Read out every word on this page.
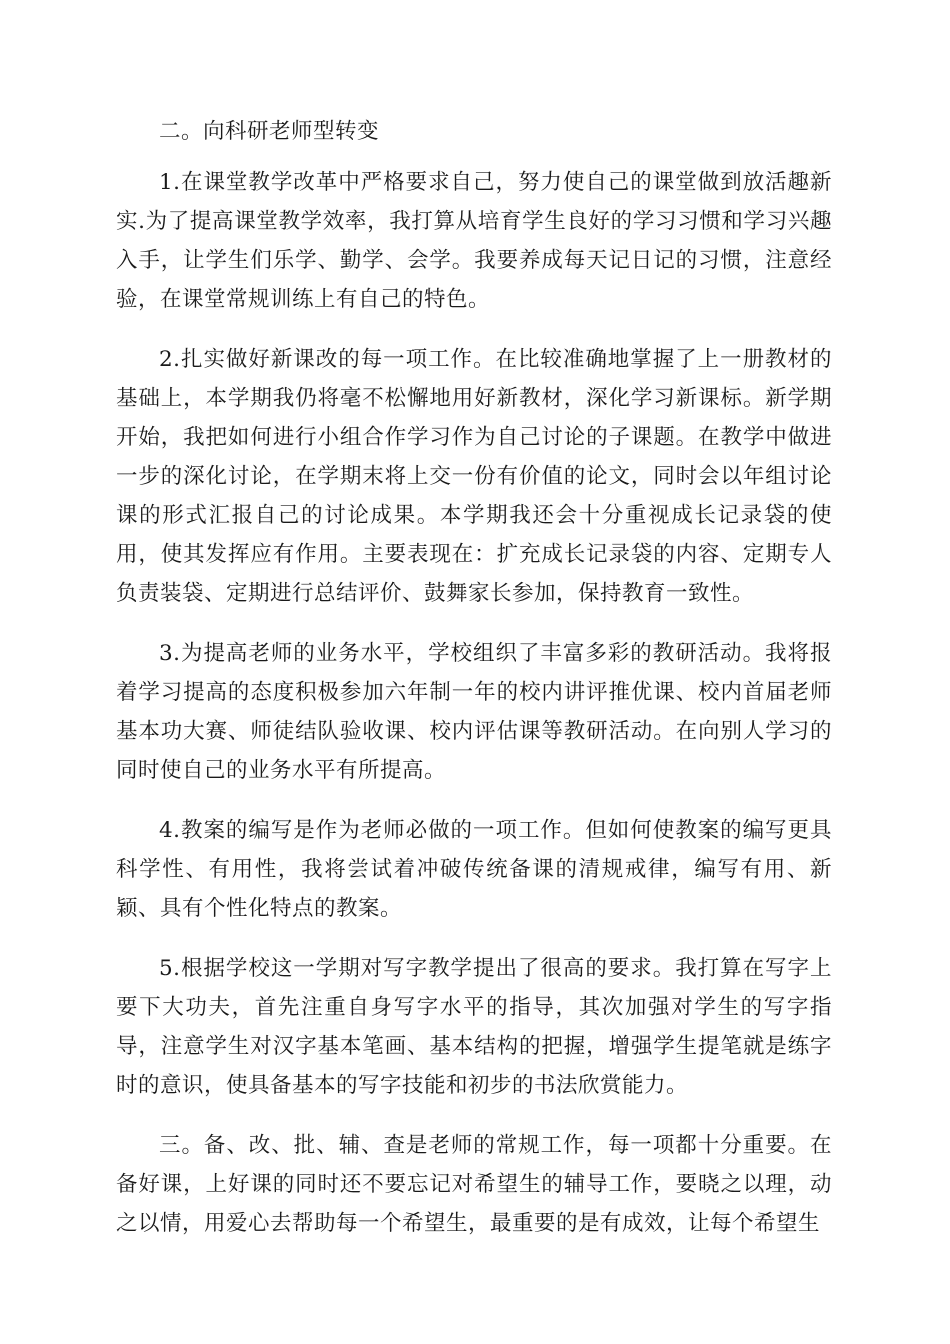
二。向科研老师型转变

1.在课堂教学改革中严格要求自己，努力使自己的课堂做到放活趣新实.为了提高课堂教学效率，我打算从培育学生良好的学习习惯和学习兴趣入手，让学生们乐学、勤学、会学。我要养成每天记日记的习惯，注意经验，在课堂常规训练上有自己的特色。

2.扎实做好新课改的每一项工作。在比较准确地掌握了上一册教材的基础上，本学期我仍将毫不松懈地用好新教材，深化学习新课标。新学期开始，我把如何进行小组合作学习作为自己讨论的子课题。在教学中做进一步的深化讨论，在学期末将上交一份有价值的论文，同时会以年组讨论课的形式汇报自己的讨论成果。本学期我还会十分重视成长记录袋的使用，使其发挥应有作用。主要表现在：扩充成长记录袋的内容、定期专人负责装袋、定期进行总结评价、鼓舞家长参加，保持教育一致性。

3.为提高老师的业务水平，学校组织了丰富多彩的教研活动。我将报着学习提高的态度积极参加六年制一年的校内讲评推优课、校内首届老师基本功大赛、师徒结队验收课、校内评估课等教研活动。在向别人学习的同时使自己的业务水平有所提高。

4.教案的编写是作为老师必做的一项工作。但如何使教案的编写更具科学性、有用性，我将尝试着冲破传统备课的清规戒律，编写有用、新颖、具有个性化特点的教案。

5.根据学校这一学期对写字教学提出了很高的要求。我打算在写字上要下大功夫，首先注重自身写字水平的指导，其次加强对学生的写字指导，注意学生对汉字基本笔画、基本结构的把握，增强学生提笔就是练字时的意识，使具备基本的写字技能和初步的书法欣赏能力。

三。备、改、批、辅、查是老师的常规工作，每一项都十分重要。在备好课，上好课的同时还不要忘记对希望生的辅导工作，要晓之以理，动之以情，用爱心去帮助每一个希望生，最重要的是有成效，让每个希望生
